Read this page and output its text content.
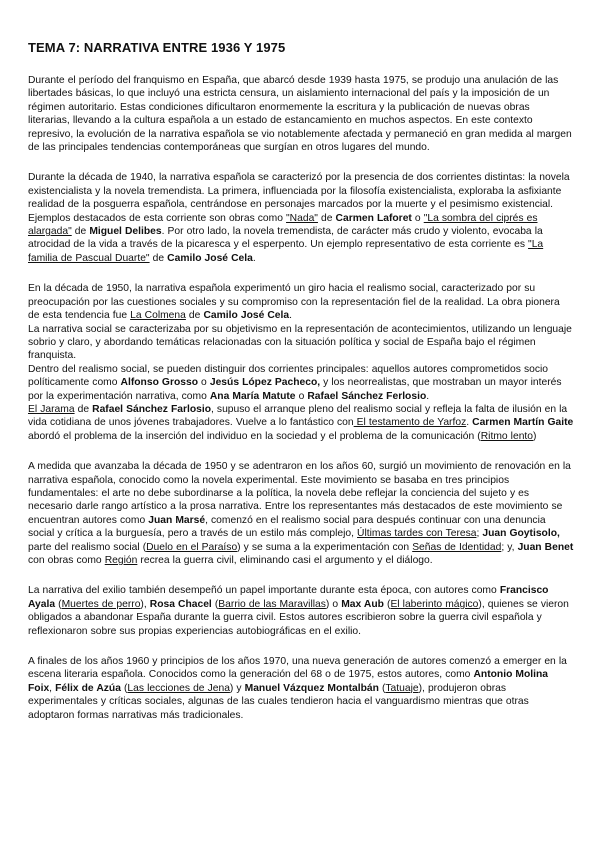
TEMA 7: NARRATIVA ENTRE 1936 Y 1975

Durante el período del franquismo en España, que abarcó desde 1939 hasta 1975, se produjo una anulación de las libertades básicas, lo que incluyó una estricta censura, un aislamiento internacional del país y la imposición de un régimen autoritario. Estas condiciones dificultaron enormemente la escritura y la publicación de nuevas obras literarias, llevando a la cultura española a un estado de estancamiento en muchos aspectos. En este contexto represivo, la evolución de la narrativa española se vio notablemente afectada y permaneció en gran medida al margen de las principales tendencias contemporáneas que surgían en otros lugares del mundo.

Durante la década de 1940, la narrativa española se caracterizó por la presencia de dos corrientes distintas: la novela existencialista y la novela tremendista. La primera, influenciada por la filosofía existencialista, exploraba la asfixiante realidad de la posguerra española, centrándose en personajes marcados por la muerte y el pesimismo existencial. Ejemplos destacados de esta corriente son obras como "Nada" de Carmen Laforet o "La sombra del ciprés es alargada" de Miguel Delibes. Por otro lado, la novela tremendista, de carácter más crudo y violento, evocaba la atrocidad de la vida a través de la picaresca y el esperpento. Un ejemplo representativo de esta corriente es "La familia de Pascual Duarte" de Camilo José Cela.

En la década de 1950, la narrativa española experimentó un giro hacia el realismo social, caracterizado por su preocupación por las cuestiones sociales y su compromiso con la representación fiel de la realidad. La obra pionera de esta tendencia fue La Colmena de Camilo José Cela.

La narrativa social se caracterizaba por su objetivismo en la representación de acontecimientos, utilizando un lenguaje sobrio y claro, y abordando temáticas relacionadas con la situación política y social de España bajo el régimen franquista.

Dentro del realismo social, se pueden distinguir dos corrientes principales: aquellos autores comprometidos socio políticamente como Alfonso Grosso o Jesús López Pacheco, y los neorrealistas, que mostraban un mayor interés por la experimentación narrativa, como Ana María Matute o Rafael Sánchez Ferlosio.

El Jarama de Rafael Sánchez Farlosio, supuso el arranque pleno del realismo social y refleja la falta de ilusión en la vida cotidiana de unos jóvenes trabajadores. Vuelve a lo fantástico con El testamento de Yarfoz. Carmen Martín Gaite abordó el problema de la inserción del individuo en la sociedad y el problema de la comunicación (Ritmo lento)

A medida que avanzaba la década de 1950 y se adentraron en los años 60, surgió un movimiento de renovación en la narrativa española, conocido como la novela experimental. Este movimiento se basaba en tres principios fundamentales: el arte no debe subordinarse a la política, la novela debe reflejar la conciencia del sujeto y es necesario darle rango artístico a la prosa narrativa. Entre los representantes más destacados de este movimiento se encuentran autores como Juan Marsé, comenzó en el realismo social para después continuar con una denuncia social y crítica a la burguesía, pero a través de un estilo más complejo, Últimas tardes con Teresa; Juan Goytisolo, parte del realismo social (Duelo en el Paraíso) y se suma a la experimentación con Señas de Identidad; y, Juan Benet con obras como Región recrea la guerra civil, eliminando casi el argumento y el diálogo.

La narrativa del exilio también desempeñó un papel importante durante esta época, con autores como Francisco Ayala (Muertes de perro), Rosa Chacel (Barrio de las Maravillas) o Max Aub (El laberinto mágico), quienes se vieron obligados a abandonar España durante la guerra civil. Estos autores escribieron sobre la guerra civil española y reflexionaron sobre sus propias experiencias autobiográficas en el exilio.

A finales de los años 1960 y principios de los años 1970, una nueva generación de autores comenzó a emerger en la escena literaria española. Conocidos como la generación del 68 o de 1975, estos autores, como Antonio Molina Foix, Félix de Azúa (Las lecciones de Jena) y Manuel Vázquez Montalbán (Tatuaje), produjeron obras experimentales y críticas sociales, algunas de las cuales tendieron hacia el vanguardismo mientras que otras adoptaron formas narrativas más tradicionales.
